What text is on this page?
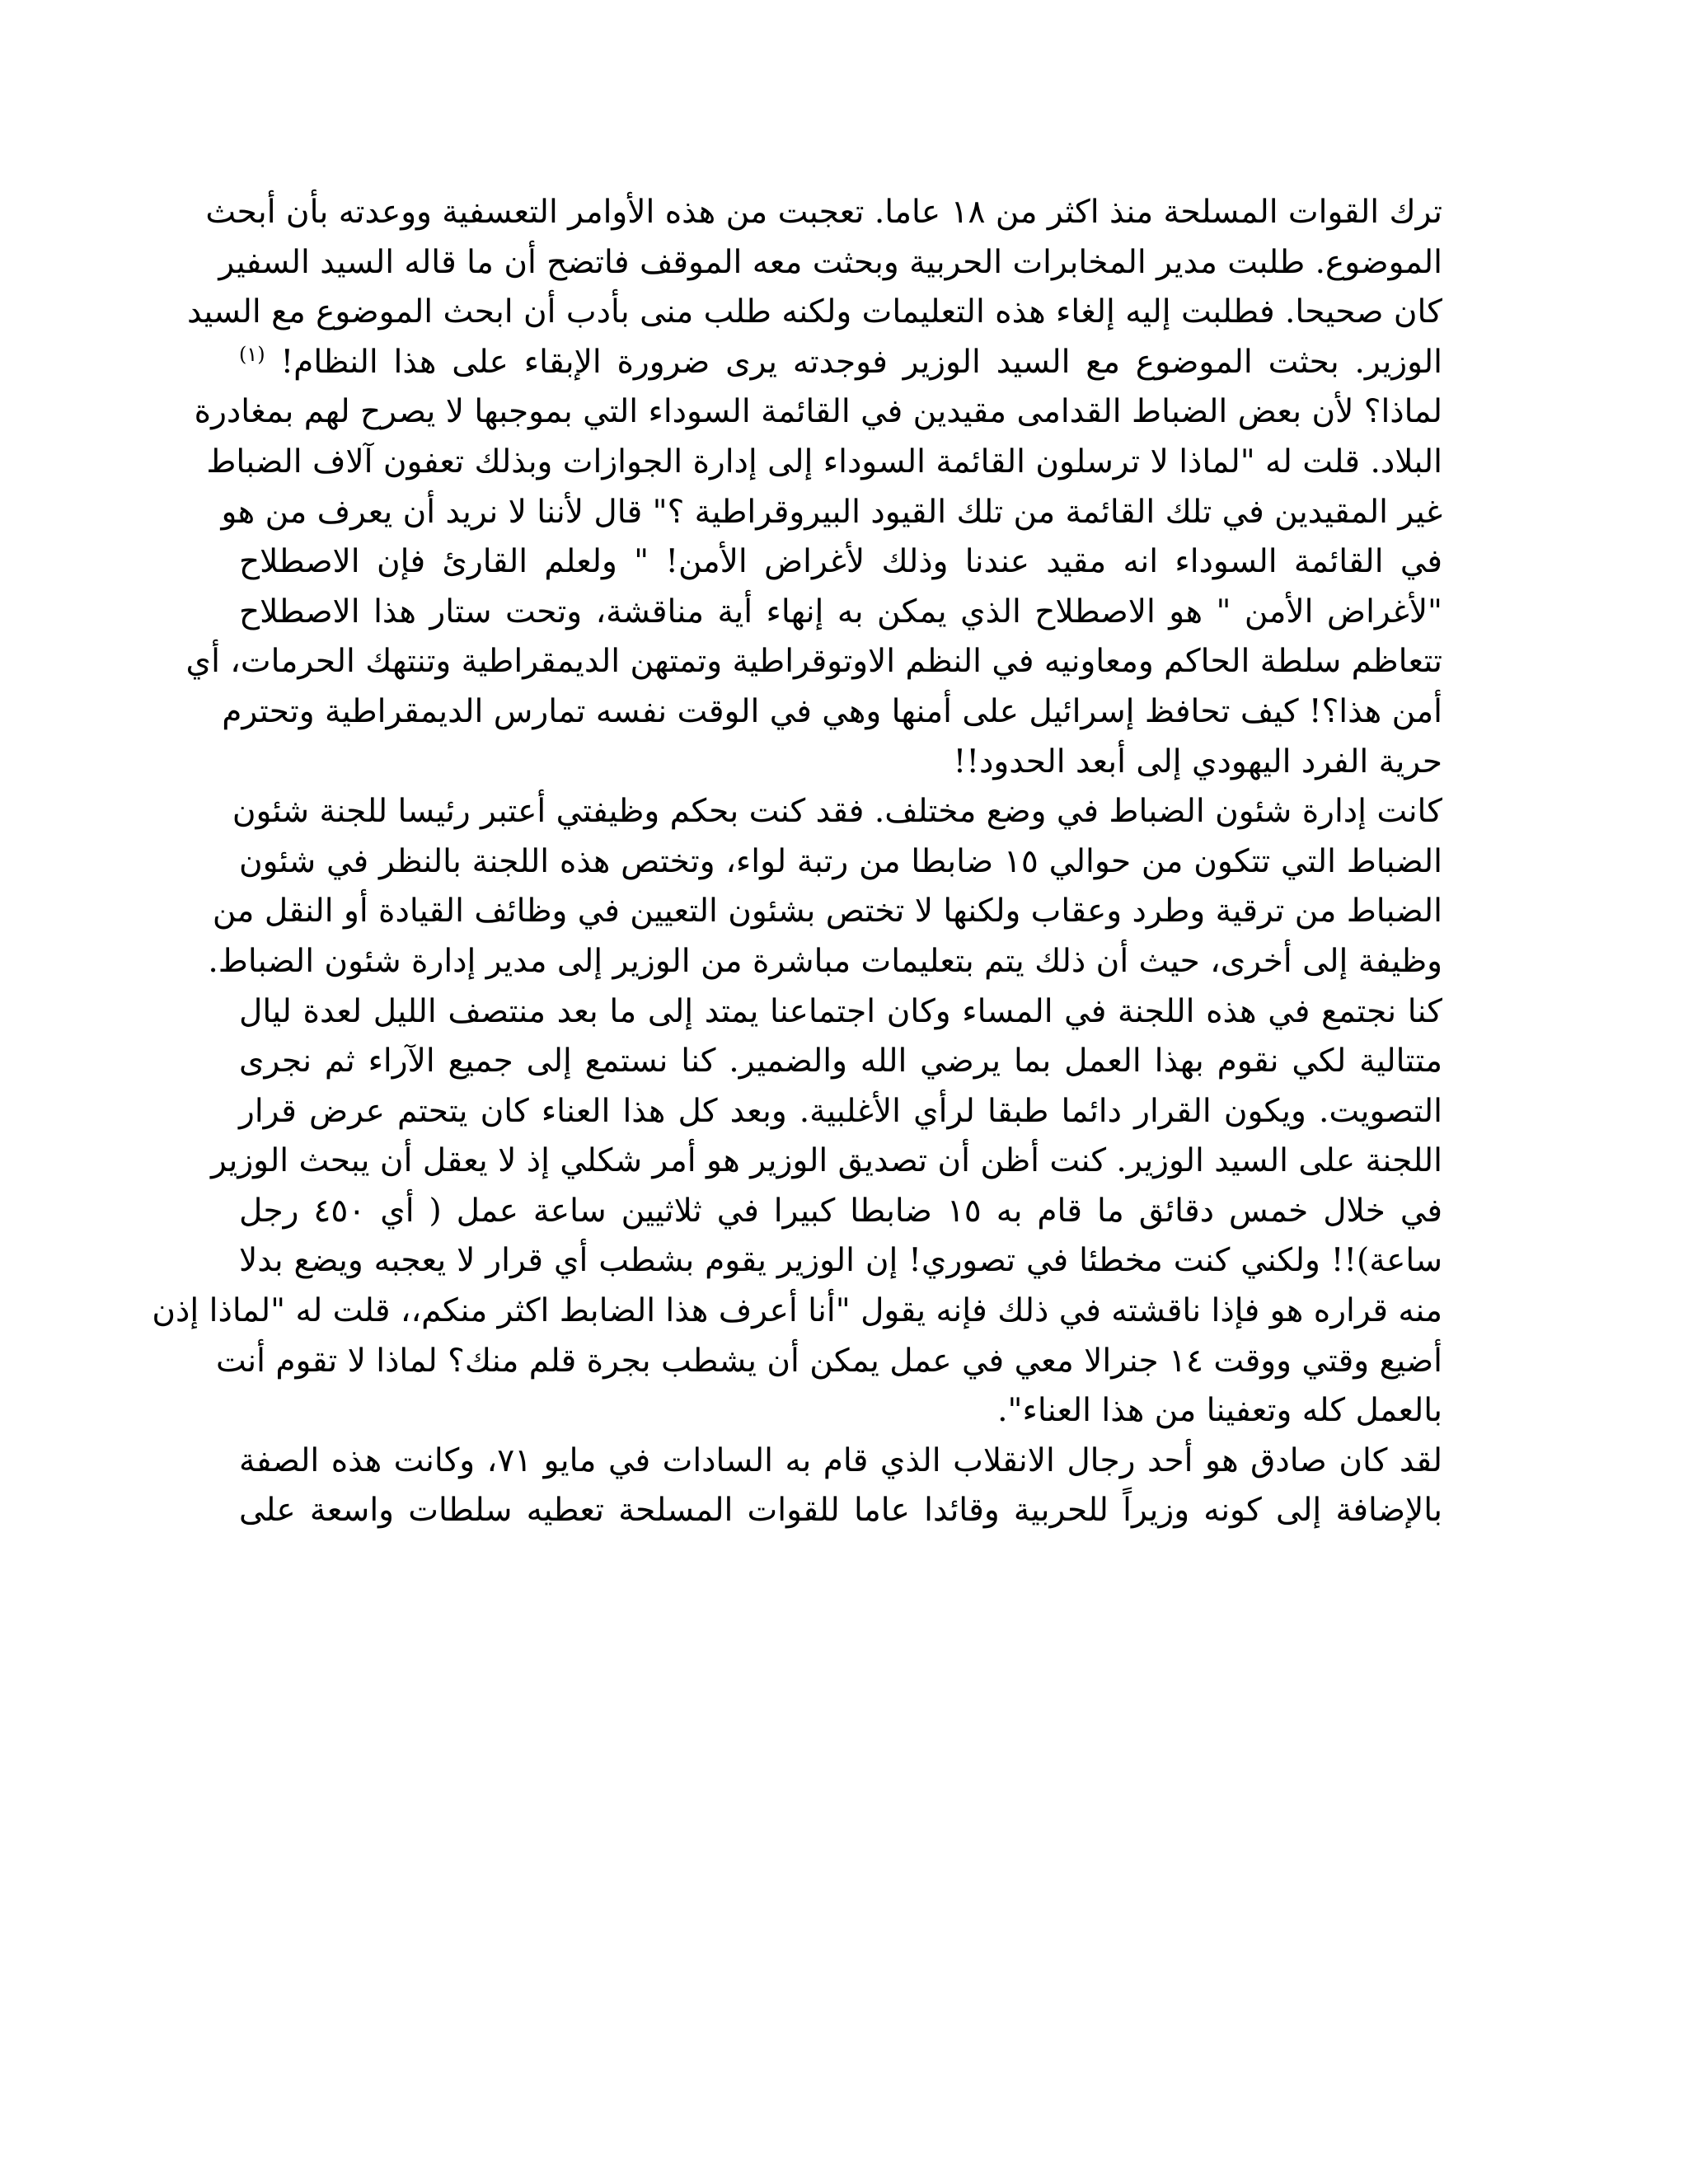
ترك القوات المسلحة منذ اكثر من ١٨ عاما. تعجبت من هذه الأوامر التعسفية ووعدته بأن أبحث
الموضوع. طلبت مدير المخابرات الحربية وبحثت معه الموقف فاتضح أن ما قاله السيد السفير
كان صحيحا. فطلبت إليه إلغاء هذه التعليمات ولكنه طلب منى بأدب أن ابحث الموضوع مع السيد
الوزير. بحثت الموضوع مع السيد الوزير فوجدته يرى ضرورة الإبقاء على هذا النظام! $^{(١)}$
لماذا؟ لأن بعض الضباط القدامى مقيدين في القائمة السوداء التي بموجبها لا يصرح لهم بمغادرة
البلاد. قلت له "لماذا لا ترسلون القائمة السوداء إلى إدارة الجوازات وبذلك تعفون آلاف الضباط
غير المقيدين في تلك القائمة من تلك القيود البيروقراطية ؟" قال لأننا لا نريد أن يعرف من هو
في القائمة السوداء انه مقيد عندنا وذلك لأغراض الأمن! " ولعلم القارئ فإن الاصطلاح
"لأغراض الأمن " هو الاصطلاح الذي يمكن به إنهاء أية مناقشة، وتحت ستار هذا الاصطلاح
تتعاظم سلطة الحاكم ومعاونيه في النظم الاوتوقراطية وتمتهن الديمقراطية وتنتهك الحرمات، أي
أمن هذا؟! كيف تحافظ إسرائيل على أمنها وهي في الوقت نفسه تمارس الديمقراطية وتحترم
حرية الفرد اليهودي إلى أبعد الحدود!!
كانت إدارة شئون الضباط في وضع مختلف. فقد كنت بحكم وظيفتي أعتبر رئيسا للجنة شئون
الضباط التي تتكون من حوالي ١٥ ضابطا من رتبة لواء، وتختص هذه اللجنة بالنظر في شئون
الضباط من ترقية وطرد وعقاب ولكنها لا تختص بشئون التعيين في وظائف القيادة أو النقل من
وظيفة إلى أخرى، حيث أن ذلك يتم بتعليمات مباشرة من الوزير إلى مدير إدارة شئون الضباط.
كنا نجتمع في هذه اللجنة في المساء وكان اجتماعنا يمتد إلى ما بعد منتصف الليل لعدة ليال
متتالية لكي نقوم بهذا العمل بما يرضي الله والضمير. كنا نستمع إلى جميع الآراء ثم نجرى
التصويت. ويكون القرار دائما طبقا لرأي الأغلبية. وبعد كل هذا العناء كان يتحتم عرض قرار
اللجنة على السيد الوزير. كنت أظن أن تصديق الوزير هو أمر شكلي إذ لا يعقل أن يبحث الوزير
في خلال خمس دقائق ما قام به ١٥ ضابطا كبيرا في ثلاثيين ساعة عمل ( أي ٤٥٠ رجل
ساعة)!! ولكني كنت مخطئا في تصوري! إن الوزير يقوم بشطب أي قرار لا يعجبه ويضع بدلا
منه قراره هو فإذا ناقشته في ذلك فإنه يقول "أنا أعرف هذا الضابط اكثر منكم،، قلت له "لماذا إذن
أضيع وقتي ووقت ١٤ جنرالا معي في عمل يمكن أن يشطب بجرة قلم منك؟ لماذا لا تقوم أنت
بالعمل كله وتعفينا من هذا العناء".
لقد كان صادق هو أحد رجال الانقلاب الذي قام به السادات في مايو ٧١، وكانت هذه الصفة
بالإضافة إلى كونه وزيراً للحربية وقائدا عاما للقوات المسلحة تعطيه سلطات واسعة على
